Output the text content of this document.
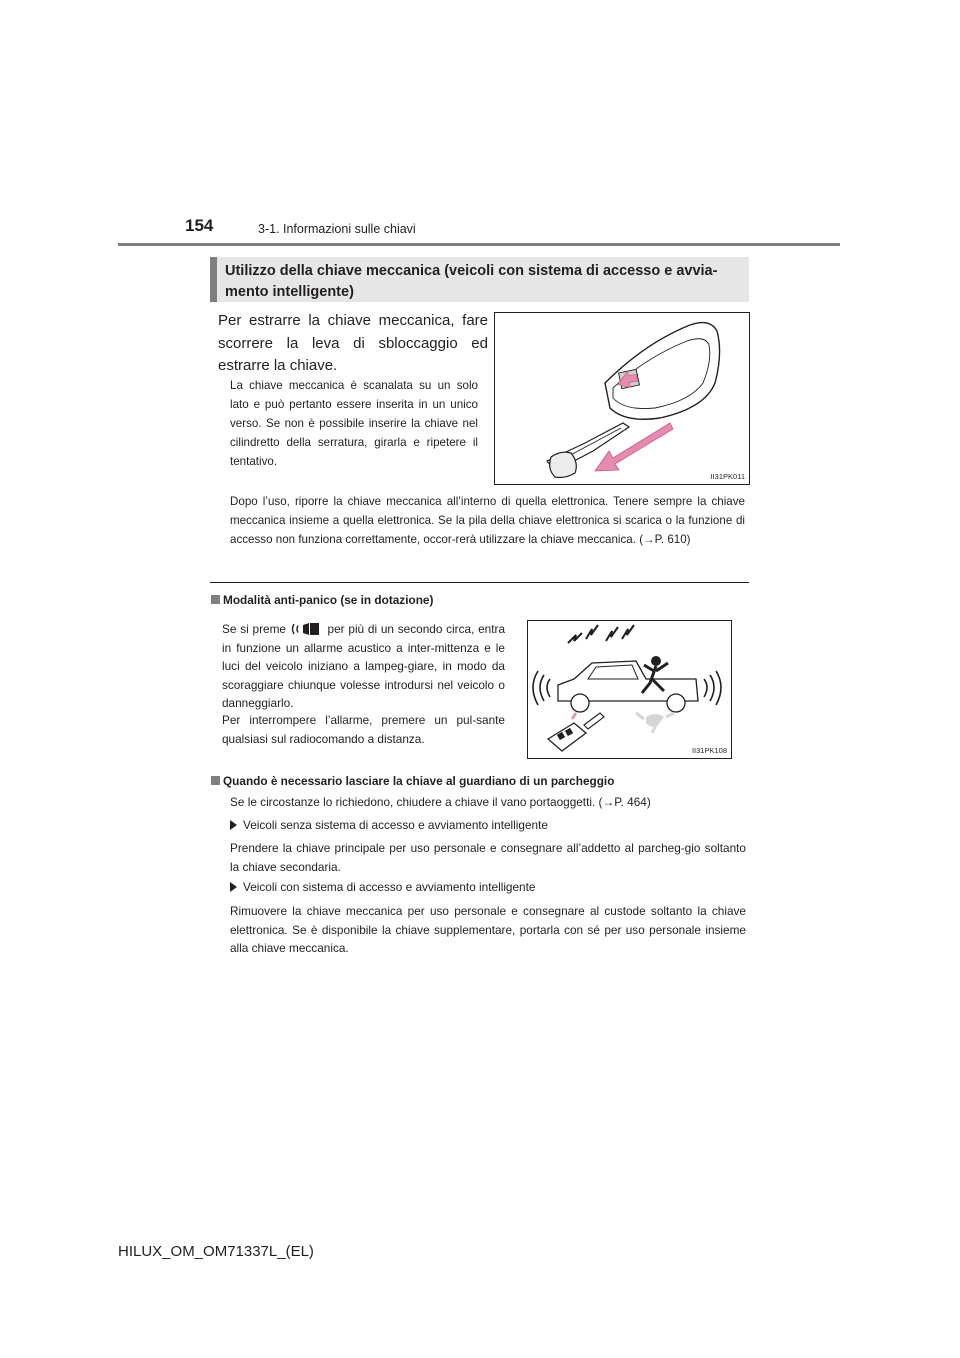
154	3-1. Informazioni sulle chiavi
Utilizzo della chiave meccanica (veicoli con sistema di accesso e avvia-mento intelligente)
Per estrarre la chiave meccanica, fare scorrere la leva di sbloccaggio ed estrarre la chiave.
La chiave meccanica è scanalata su un solo lato e può pertanto essere inserita in un unico verso. Se non è possibile inserire la chiave nel cilindretto della serratura, girarla e ripetere il tentativo.
II31PK011
Dopo l’uso, riporre la chiave meccanica all’interno di quella elettronica. Tenere sempre la chiave meccanica insieme a quella elettronica. Se la pila della chiave elettronica si scarica o la funzione di accesso non funziona correttamente, occor-rerà utilizzare la chiave meccanica. (→P. 610)
Modalità anti-panico (se in dotazione)
Se si preme	per più di un secondo circa, entra in funzione un allarme acustico a inter-mittenza e le luci del veicolo iniziano a lampeg-giare, in modo da scoraggiare chiunque volesse introdursi nel veicolo o danneggiarlo.
Per interrompere l’allarme, premere un pul-sante qualsiasi sul radiocomando a distanza.
II31PK108
Quando è necessario lasciare la chiave al guardiano di un parcheggio
Se le circostanze lo richiedono, chiudere a chiave il vano portaoggetti. (→P. 464)
Veicoli senza sistema di accesso e avviamento intelligente
Prendere la chiave principale per uso personale e consegnare all’addetto al parcheg-gio soltanto la chiave secondaria.
Veicoli con sistema di accesso e avviamento intelligente
Rimuovere la chiave meccanica per uso personale e consegnare al custode soltanto la chiave elettronica. Se è disponibile la chiave supplementare, portarla con sé per uso personale insieme alla chiave meccanica.
HILUX_OM_OM71337L_(EL)
